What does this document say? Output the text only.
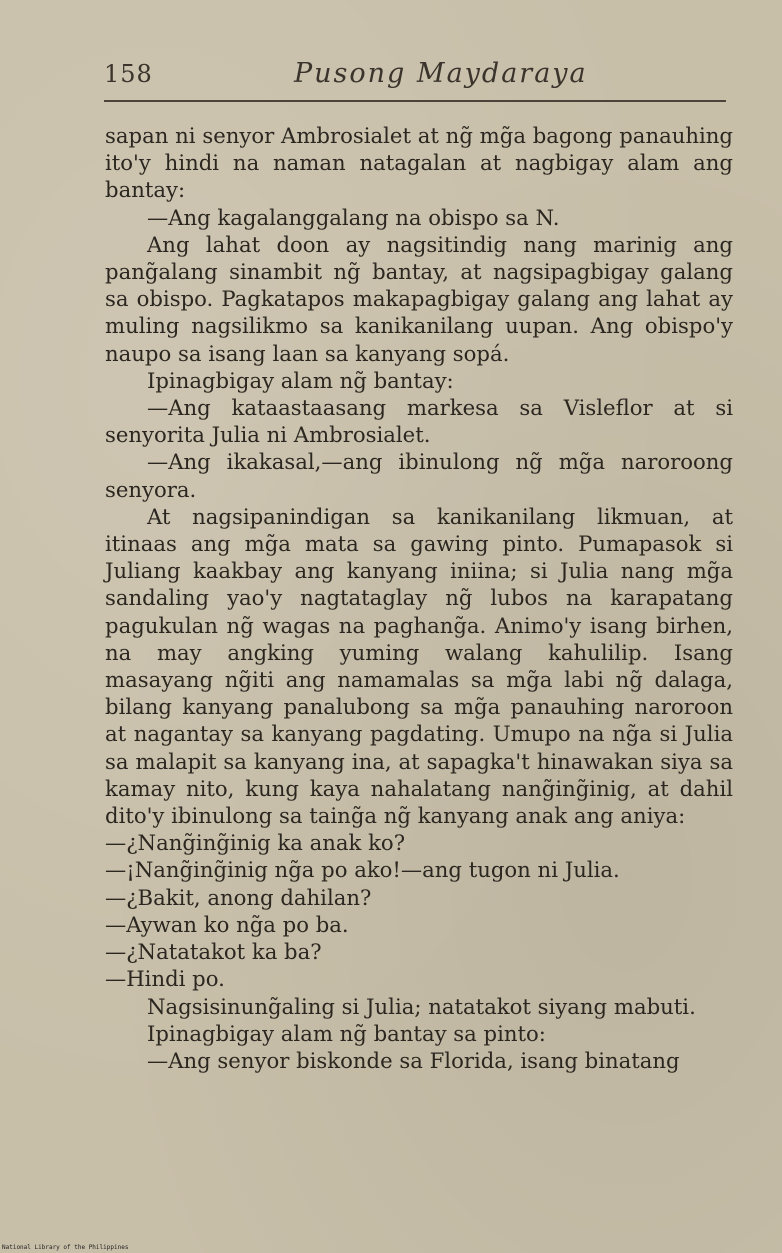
158	Pusong Maydaraya

sapan ni senyor Ambrosialet at ng̃ mg̃a bagong panauhing ito'y hindi na naman natagalan at nagbigay alam ang bantay:

—Ang kagalanggalang na obispo sa N.

Ang lahat doon ay nagsitindig nang marinig ang pang̃alang sinambit ng̃ bantay, at nagsipagbigay galang sa obispo. Pagkatapos makapagbigay galang ang lahat ay muling nagsilikmo sa kanikanilang uupan. Ang obispo'y naupo sa isang laan sa kanyang sopá.

Ipinagbigay alam ng̃ bantay:

—Ang kataastaasang markesa sa Visleflor at si senyorita Julia ni Ambrosialet.

—Ang ikakasal,—ang ibinulong ng̃ mg̃a naroroong senyora.

At nagsipanindigan sa kanikanilang likmuan, at itinaas ang mg̃a mata sa gawing pinto. Pumapasok si Juliang kaakbay ang kanyang iniina; si Julia nang mg̃a sandaling yao'y nagtataglay ng̃ lubos na karapatang pagukulan ng̃ wagas na paghang̃a. Animo'y isang birhen, na may angking yuming walang kahulilip. Isang masayang ng̃iti ang namamalas sa mg̃a labi ng̃ dalaga, bilang kanyang panalubong sa mg̃a panauhing naroroon at nagantay sa kanyang pagdating. Umupo na ng̃a si Julia sa malapit sa kanyang ina, at sapagka't hinawakan siya sa kamay nito, kung kaya nahalatang nang̃ing̃inig, at dahil dito'y ibinulong sa taing̃a ng̃ kanyang anak ang aniya:

—¿Nang̃ing̃inig ka anak ko?

—¡Nang̃ing̃inig ng̃a po ako!—ang tugon ni Julia.

—¿Bakit, anong dahilan?

—Aywan ko ng̃a po ba.

—¿Natatakot ka ba?

—Hindi po.

Nagsisinung̃aling si Julia; natatakot siyang mabuti.

Ipinagbigay alam ng̃ bantay sa pinto:

—Ang senyor biskonde sa Florida, isang binatang

National Library of the Philippines
